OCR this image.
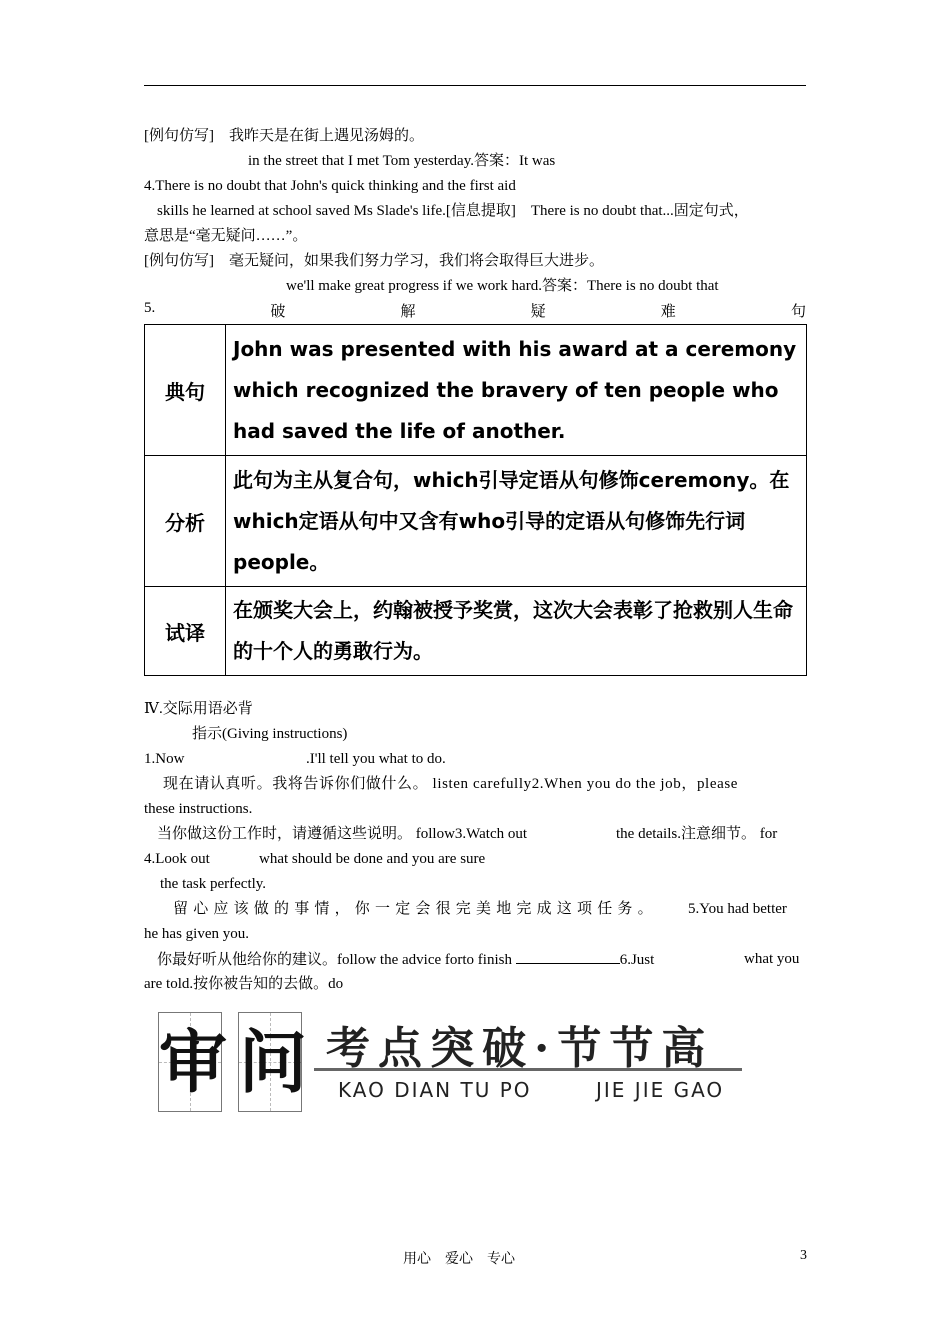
[例句仿写]　我昨天是在街上遇见汤姆的。
in the street that I met Tom yesterday.答案：It was
4.There is no doubt that John's quick thinking and the first aid
skills he learned at school saved Ms Slade's life.[信息提取]　There is no doubt that...固定句式，
意思是“毫无疑问……”。
[例句仿写]　毫无疑问，如果我们努力学习，我们将会取得巨大进步。
we'll make great progress if we work hard.答案：There is no doubt that
5.	破	解	疑	难	句
典句	John was presented with his award at a ceremony which recognized the bravery of ten people who had saved the life of another.
分析	此句为主从复合句，which引导定语从句修饰ceremony。在which定语从句中又含有who引导的定语从句修饰先行词people。
试译	在颁奖大会上，约翰被授予奖赏，这次大会表彰了抢救别人生命的十个人的勇敢行为。
Ⅳ.交际用语必背
指示(Giving instructions)
1.Now	.I'll tell you what to do.
现在请认真听。我将告诉你们做什么。 listen carefully2.When you do the job，please
these instructions.
当你做这份工作时，请遵循这些说明。 follow3.Watch out	the details.注意细节。 for
4.Look out	what should be done and you are sure
the task perfectly.
留心应该做的事情，你一定会很完美地完成这项任务。 5.You had better
he has given you.
你最好听从他给你的建议。follow the advice forto finish	6.Just	what you
are told.按你被告知的去做。do
审 问 考点突破·节节高
KAO DIAN TU PO	JIE JIE GAO
用心　爱心　专心	3
